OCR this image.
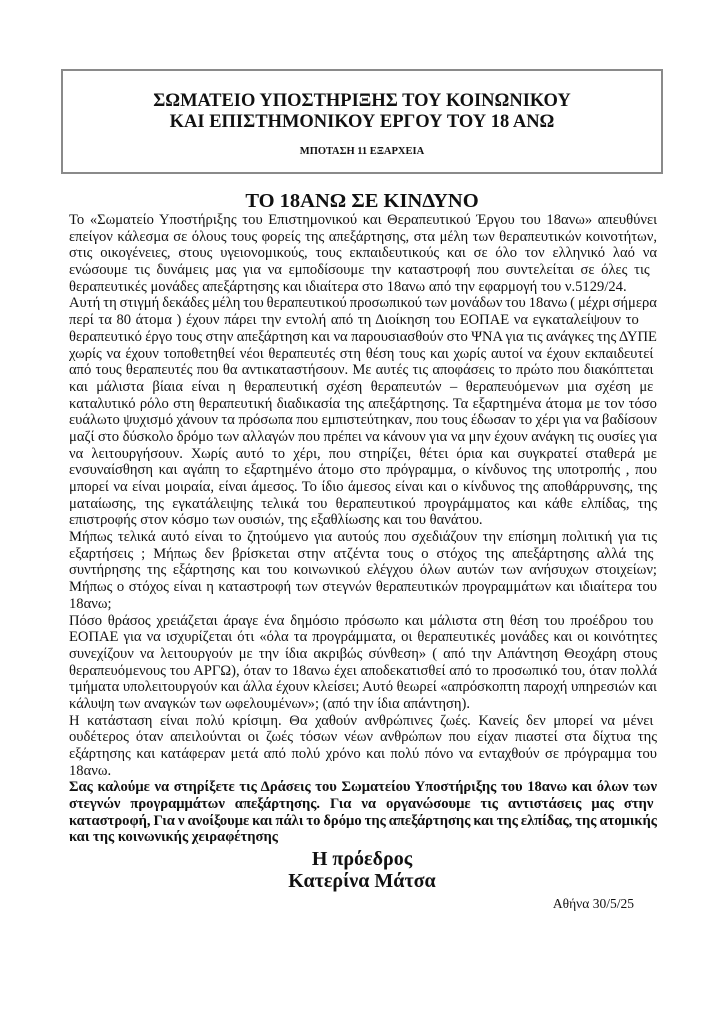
ΣΩΜΑΤΕΙΟ ΥΠΟΣΤΗΡΙΞΗΣ ΤΟΥ ΚΟΙΝΩΝΙΚΟΥ
ΚΑΙ ΕΠΙΣΤΗΜΟΝΙΚΟΥ ΕΡΓΟΥ ΤΟΥ 18 ΑΝΩ
ΜΠΟΤΑΣΗ 11 ΕΞΑΡΧΕΙΑ
ΤΟ 18ΑΝΩ ΣΕ ΚΙΝΔΥΝΟ
Το «Σωματείο Υποστήριξης του Επιστημονικού και Θεραπευτικού Έργου του 18ανω» απευθύνει
επείγον κάλεσμα σε όλους τους φορείς της απεξάρτησης, στα μέλη των θεραπευτικών κοινοτήτων,
στις οικογένειες, στους υγειονομικούς, τους εκπαιδευτικούς και σε όλο τον ελληνικό λαό να
ενώσουμε τις δυνάμεις μας για να εμποδίσουμε την καταστροφή που συντελείται σε όλες τις
θεραπευτικές μονάδες απεξάρτησης και ιδιαίτερα στο 18ανω από την εφαρμογή του ν.5129/24.
Αυτή τη στιγμή δεκάδες μέλη του θεραπευτικού προσωπικού των μονάδων του 18ανω ( μέχρι σήμερα
περί τα 80 άτομα ) έχουν πάρει την εντολή από τη Διοίκηση του ΕΟΠΑΕ να εγκαταλείψουν το
θεραπευτικό έργο τους στην απεξάρτηση και να παρουσιασθούν στο ΨΝΑ για τις ανάγκες της ΔΥΠΕ
χωρίς να έχουν τοποθετηθεί νέοι θεραπευτές στη θέση τους και χωρίς αυτοί να έχουν εκπαιδευτεί
από τους θεραπευτές που θα αντικαταστήσουν. Με αυτές τις αποφάσεις το πρώτο που διακόπτεται
και μάλιστα βίαια είναι η θεραπευτική σχέση θεραπευτών – θεραπευόμενων μια σχέση με
καταλυτικό ρόλο στη θεραπευτική διαδικασία της απεξάρτησης. Τα εξαρτημένα άτομα με τον τόσο
ευάλωτο ψυχισμό χάνουν τα πρόσωπα που εμπιστεύτηκαν, που τους έδωσαν το χέρι για να βαδίσουν
μαζί στο δύσκολο δρόμο των αλλαγών που πρέπει να κάνουν για να μην έχουν ανάγκη τις ουσίες για
να λειτουργήσουν. Χωρίς αυτό το χέρι, που στηρίζει, θέτει όρια και συγκρατεί σταθερά με
ενσυναίσθηση και αγάπη το εξαρτημένο άτομο στο πρόγραμμα, ο κίνδυνος της υποτροπής , που
μπορεί να είναι μοιραία, είναι άμεσος. Το ίδιο άμεσος είναι και ο κίνδυνος της αποθάρρυνσης, της
ματαίωσης, της εγκατάλειψης τελικά του θεραπευτικού προγράμματος και κάθε ελπίδας, της
επιστροφής στον κόσμο των ουσιών, της εξαθλίωσης και του θανάτου.
Μήπως τελικά αυτό είναι το ζητούμενο για αυτούς που σχεδιάζουν την επίσημη πολιτική για τις
εξαρτήσεις ; Μήπως δεν βρίσκεται στην ατζέντα τους ο στόχος της απεξάρτησης αλλά της
συντήρησης της εξάρτησης και του κοινωνικού ελέγχου όλων αυτών των ανήσυχων στοιχείων;
Μήπως ο στόχος είναι η καταστροφή των στεγνών θεραπευτικών προγραμμάτων και ιδιαίτερα του
18ανω;
Πόσο θράσος χρειάζεται άραγε ένα δημόσιο πρόσωπο και μάλιστα στη θέση του προέδρου του
ΕΟΠΑΕ για να ισχυρίζεται ότι «όλα τα προγράμματα, οι θεραπευτικές μονάδες και οι κοινότητες
συνεχίζουν να λειτουργούν με την ίδια ακριβώς σύνθεση» ( από την Απάντηση Θεοχάρη στους
θεραπευόμενους του ΑΡΓΩ), όταν το 18ανω έχει αποδεκατισθεί από το προσωπικό του, όταν πολλά
τμήματα υπολειτουργούν και άλλα έχουν κλείσει; Αυτό θεωρεί «απρόσκοπτη παροχή υπηρεσιών και
κάλυψη των αναγκών των ωφελουμένων»; (από την ίδια απάντηση).
Η κατάσταση είναι πολύ κρίσιμη. Θα χαθούν ανθρώπινες ζωές. Κανείς δεν μπορεί να μένει
ουδέτερος όταν απειλούνται οι ζωές τόσων νέων ανθρώπων που είχαν πιαστεί στα δίχτυα της
εξάρτησης και κατάφεραν μετά από πολύ χρόνο και πολύ πόνο να ενταχθούν σε πρόγραμμα του
18ανω.
Σας καλούμε να στηρίξετε τις Δράσεις του Σωματείου Υποστήριξης του 18ανω και όλων των
στεγνών προγραμμάτων απεξάρτησης. Για να οργανώσουμε τις αντιστάσεις μας στην
καταστροφή, Για ν ανοίξουμε και πάλι το δρόμο της απεξάρτησης και της ελπίδας, της ατομικής
και της κοινωνικής χειραφέτησης
Η πρόεδρος
Κατερίνα Μάτσα
Αθήνα 30/5/25
